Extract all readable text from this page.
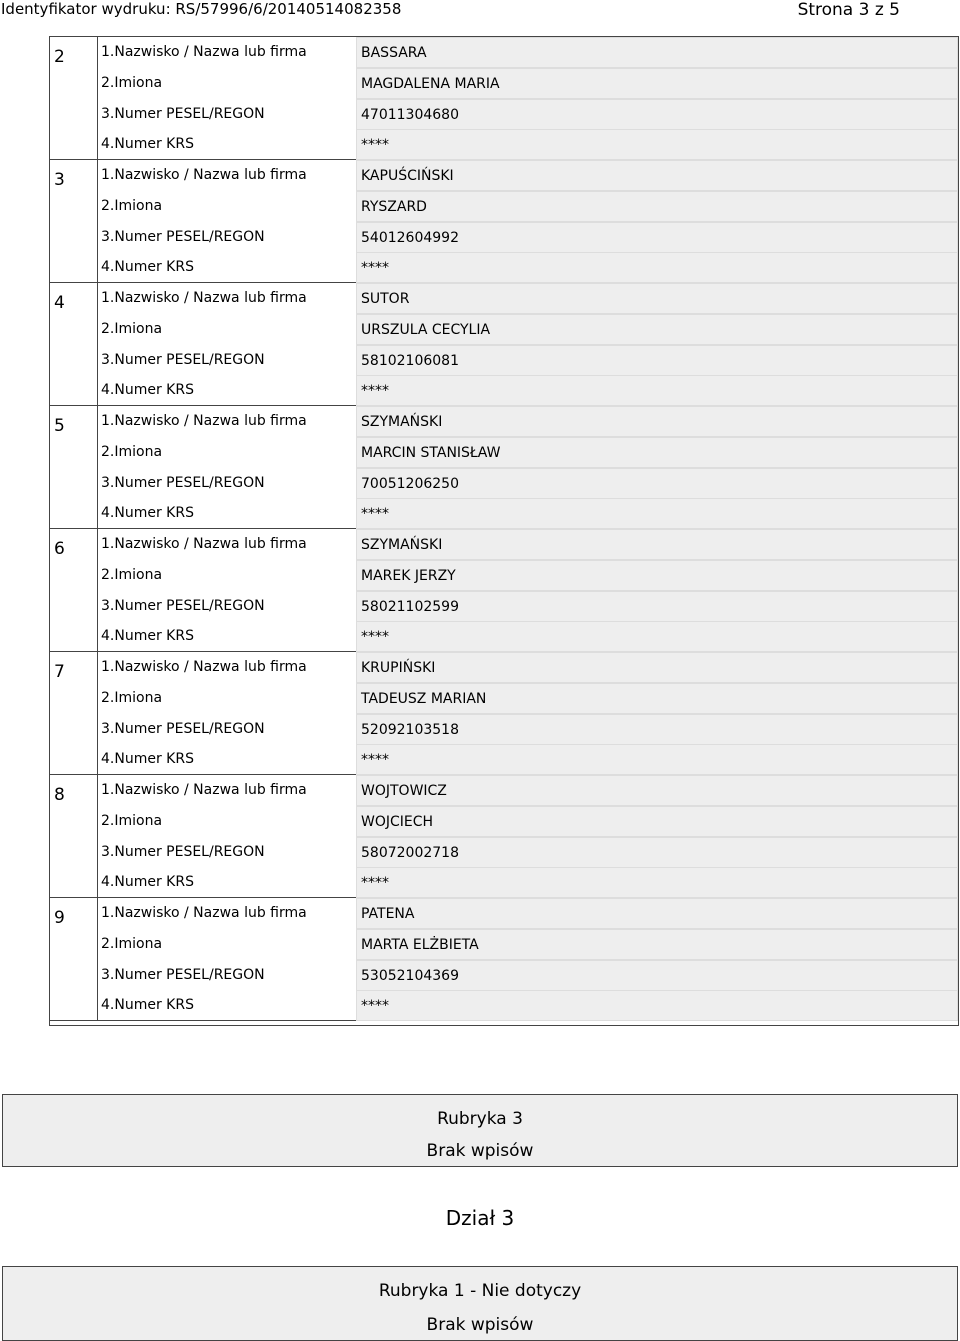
Identyfikator wydruku: RS/57996/6/20140514082358	Strona 3 z 5
2	1.Nazwisko / Nazwa lub firma	BASSARA
2.Imiona	MAGDALENA MARIA
3.Numer PESEL/REGON	47011304680
4.Numer KRS	****
3	1.Nazwisko / Nazwa lub firma	KAPUŚCIŃSKI
2.Imiona	RYSZARD
3.Numer PESEL/REGON	54012604992
4.Numer KRS	****
4	1.Nazwisko / Nazwa lub firma	SUTOR
2.Imiona	URSZULA CECYLIA
3.Numer PESEL/REGON	58102106081
4.Numer KRS	****
5	1.Nazwisko / Nazwa lub firma	SZYMAŃSKI
2.Imiona	MARCIN STANISŁAW
3.Numer PESEL/REGON	70051206250
4.Numer KRS	****
6	1.Nazwisko / Nazwa lub firma	SZYMAŃSKI
2.Imiona	MAREK JERZY
3.Numer PESEL/REGON	58021102599
4.Numer KRS	****
7	1.Nazwisko / Nazwa lub firma	KRUPIŃSKI
2.Imiona	TADEUSZ MARIAN
3.Numer PESEL/REGON	52092103518
4.Numer KRS	****
8	1.Nazwisko / Nazwa lub firma	WOJTOWICZ
2.Imiona	WOJCIECH
3.Numer PESEL/REGON	58072002718
4.Numer KRS	****
9	1.Nazwisko / Nazwa lub firma	PATENA
2.Imiona	MARTA ELŻBIETA
3.Numer PESEL/REGON	53052104369
4.Numer KRS	****
Rubryka 3
Brak wpisów
Dział 3
Rubryka 1 - Nie dotyczy
Brak wpisów
